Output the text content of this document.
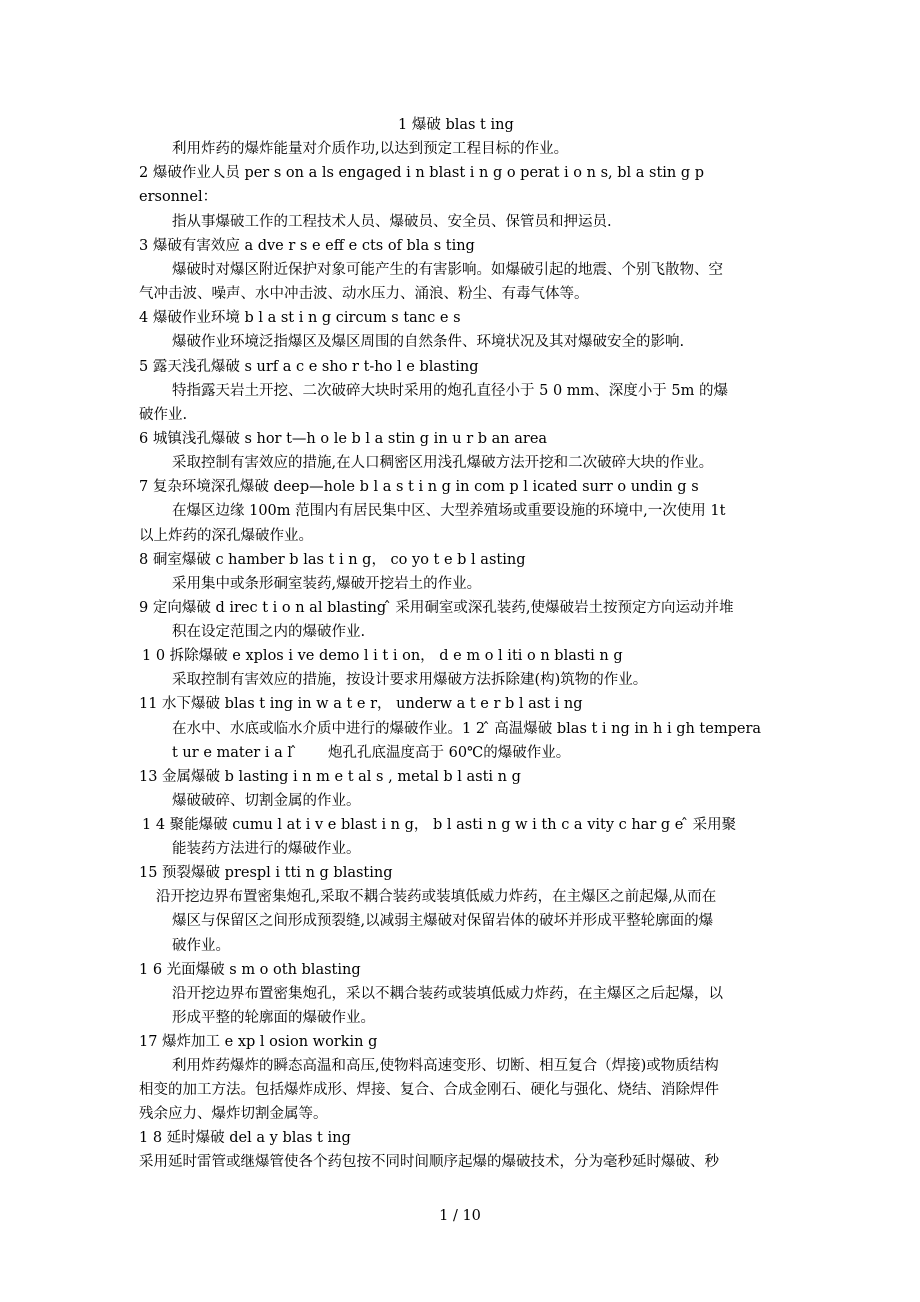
1 爆破 blas t ing
利用炸药的爆炸能量对介质作功,以达到预定工程目标的作业。
2 爆破作业人员 per s on a ls engaged i n blast i n g o perat i o n s, bl a stin g p
ersonnel：
指从事爆破工作的工程技术人员、爆破员、安全员、保管员和押运员.
3 爆破有害效应 a dve r s e eff e cts of bla s ting
爆破时对爆区附近保护对象可能产生的有害影响。如爆破引起的地震、个别飞散物、空
气冲击波、噪声、水中冲击波、动水压力、涌浪、粉尘、有毒气体等。
4 爆破作业环境 b l a st i n g circum s tanc e s
爆破作业环境泛指爆区及爆区周围的自然条件、环境状况及其对爆破安全的影响.
5 露天浅孔爆破 s urf a c e sho r t-ho l e blasting
特指露天岩土开挖、二次破碎大块时采用的炮孔直径小于 5 0 mm、深度小于 5m 的爆
破作业.
6 城镇浅孔爆破 s hor t—h o le b l a stin g in u r b an area
采取控制有害效应的措施,在人口稠密区用浅孔爆破方法开挖和二次破碎大块的作业。
7 复杂环境深孔爆破 deep—hole b l a s t i n g in com p l icated surr o undin g s
在爆区边缘 100m 范围内有居民集中区、大型养殖场或重要设施的环境中,一次使用 1t
以上炸药的深孔爆破作业。
8 硐室爆破 c hamber b las t i n g， co yo t e b l asting
采用集中或条形硐室装药,爆破开挖岩土的作业。
9 定向爆破 d irec t i o n al blasting ̂ 采用硐室或深孔装药,使爆破岩土按预定方向运动并堆
积在设定范围之内的爆破作业.
1 0 拆除爆破 e xplos i ve demo l i t i on， d e m o l iti o n blasti n g
采取控制有害效应的措施，按设计要求用爆破方法拆除建(构)筑物的作业。
11 水下爆破 blas t ing in w a t e r， underw a t e r b l ast i ng
在水中、水底或临水介质中进行的爆破作业。1 2 ̂ 高温爆破 blas t i ng in h i gh tempera
t ur e mater i a l ̂ 炮孔孔底温度高于 60℃的爆破作业。
13 金属爆破 b lasting i n m e t al s , metal b l asti n g
爆破破碎、切割金属的作业。
1 4 聚能爆破 cumu l at i v e blast i n g， b l asti n g w i th c a vity c har g e ̂ 采用聚
能装药方法进行的爆破作业。
15 预裂爆破 prespl i tti n g blasting
沿开挖边界布置密集炮孔,采取不耦合装药或装填低威力炸药，在主爆区之前起爆,从而在
爆区与保留区之间形成预裂缝,以减弱主爆破对保留岩体的破坏并形成平整轮廓面的爆
破作业。
1 6 光面爆破 s m o oth blasting
沿开挖边界布置密集炮孔，采以不耦合装药或装填低威力炸药，在主爆区之后起爆，以
形成平整的轮廓面的爆破作业。
17 爆炸加工 e xp l osion workin g
利用炸药爆炸的瞬态高温和高压,使物料高速变形、切断、相互复合（焊接)或物质结构
相变的加工方法。包括爆炸成形、焊接、复合、合成金刚石、硬化与强化、烧结、消除焊件
残余应力、爆炸切割金属等。
1 8 延时爆破 del a y blas t ing
采用延时雷管或继爆管使各个药包按不同时间顺序起爆的爆破技术，分为毫秒延时爆破、秒
1 / 10
